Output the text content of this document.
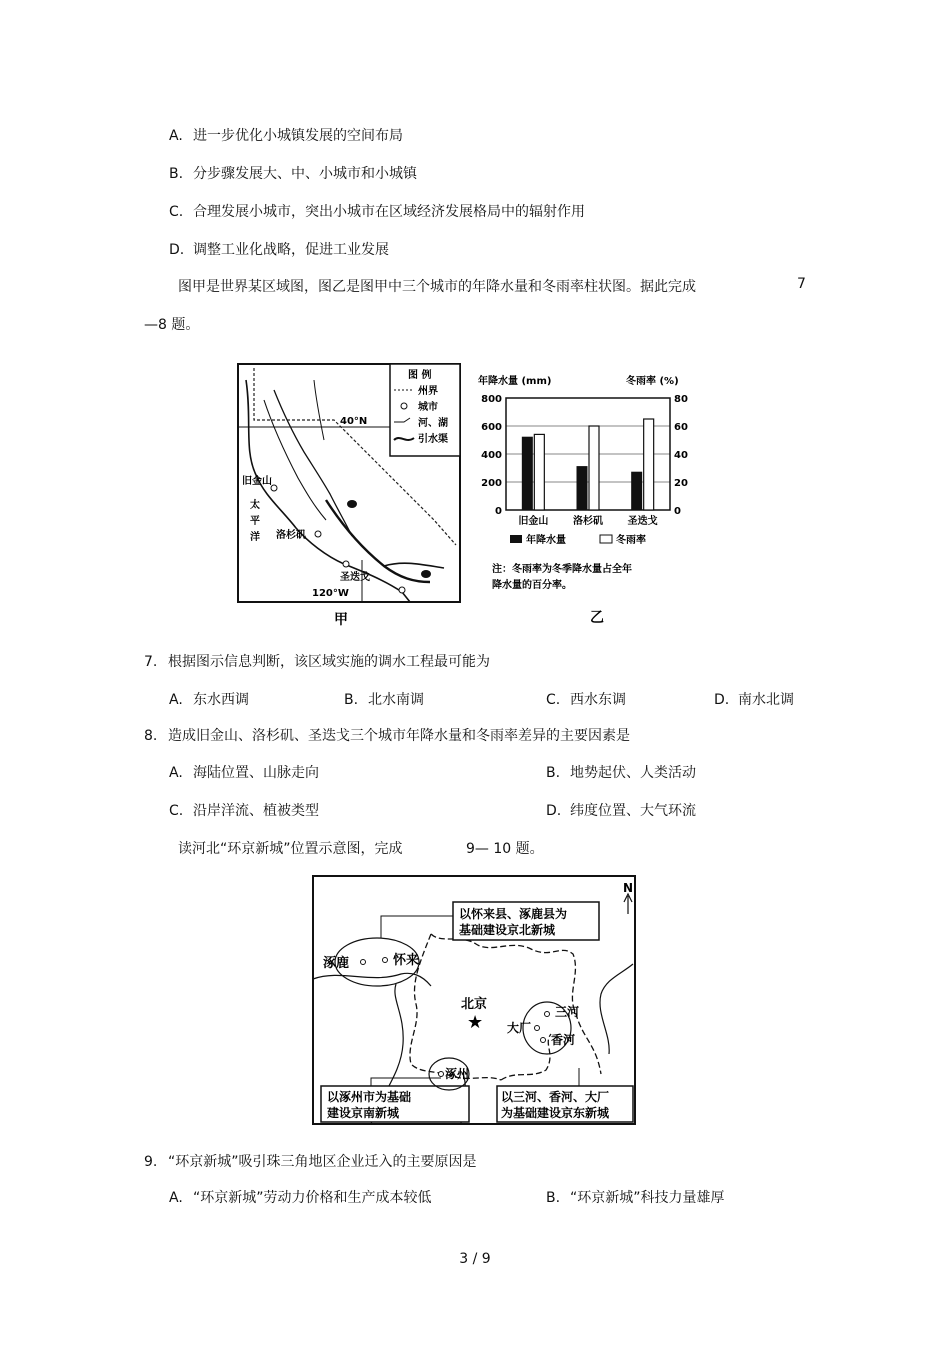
A. 进一步优化小城镇发展的空间布局
B. 分步骤发展大、中、小城市和小城镇
C. 合理发展小城市，突出小城市在区域经济发展格局中的辐射作用
D. 调整工业化战略，促进工业发展
图甲是世界某区域图，图乙是图甲中三个城市的年降水量和冬雨率柱状图。据此完成	7
—8 题。
40°N
120°W
旧金山
太
平
洋 洛杉矶
圣迭戈
图 例
州界
城市
河、湖
引水渠
甲
年降水量 (mm)	冬雨率 (%)
0
200
400
600
800
0
20
40
60
80
旧金山 洛杉矶 圣迭戈
年降水量	冬雨率
注：冬雨率为冬季降水量占全年
降水量的百分率。
乙
7. 根据图示信息判断，该区域实施的调水工程最可能为
A. 东水西调	B. 北水南调	C. 西水东调	D. 南水北调
8. 造成旧金山、洛杉矶、圣迭戈三个城市年降水量和冬雨率差异的主要因素是
A. 海陆位置、山脉走向	B. 地势起伏、人类活动
C. 沿岸洋流、植被类型	D. 纬度位置、大气环流
读河北“环京新城”位置示意图，完成	9— 10 题。
N
以怀来县、涿鹿县为
基础建设京北新城
以涿州市为基础
建设京南新城
以三河、香河、大厂
为基础建设京东新城
涿鹿	怀来
北京
★	三河
大厂
香河
涿州
9. “环京新城”吸引珠三角地区企业迁入的主要原因是
A. “环京新城”劳动力价格和生产成本较低	B. “环京新城”科技力量雄厚
3 / 9
